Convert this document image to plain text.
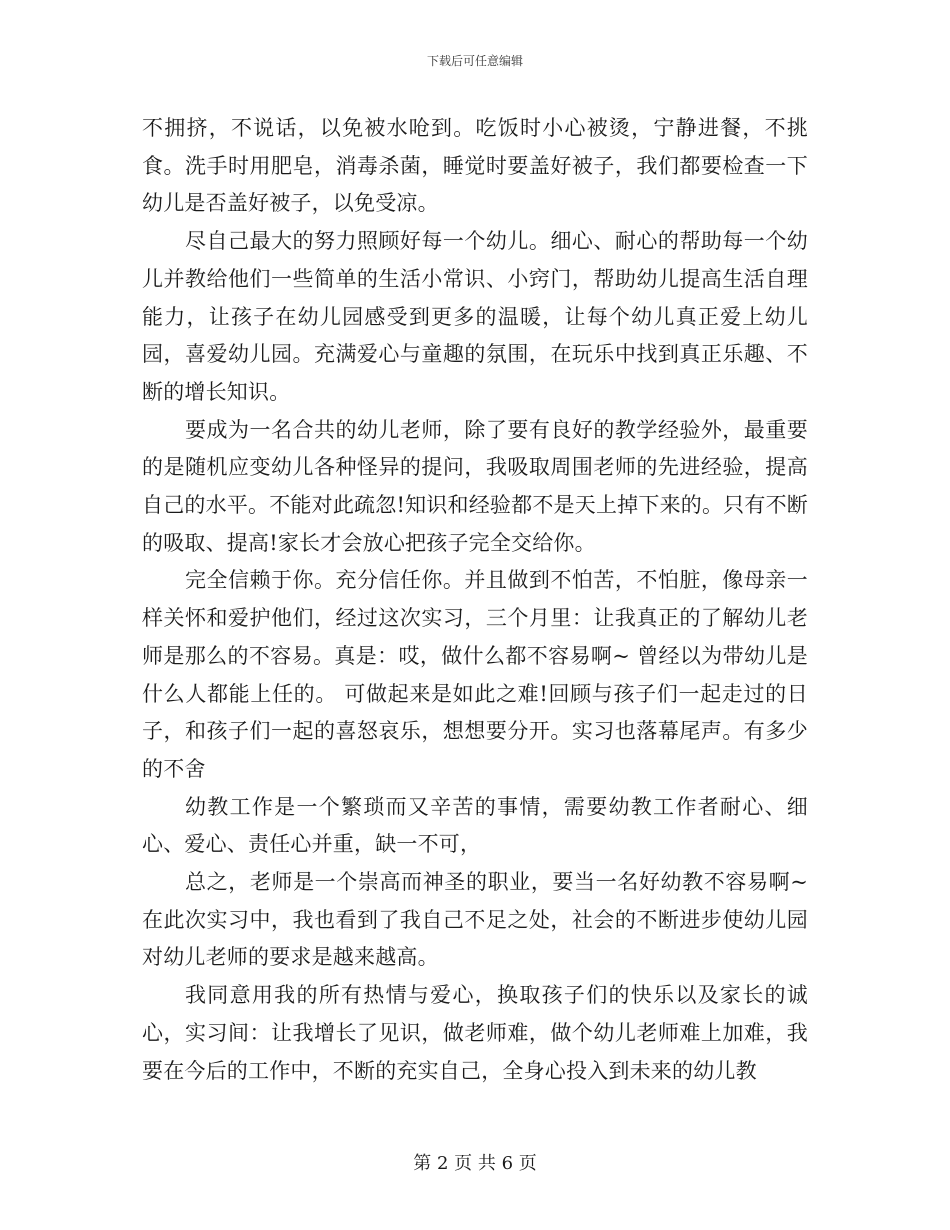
下载后可任意编辑

不拥挤，不说话，以免被水呛到。吃饭时小心被烫，宁静进餐，不挑食。洗手时用肥皂，消毒杀菌，睡觉时要盖好被子，我们都要检查一下幼儿是否盖好被子，以免受凉。

尽自己最大的努力照顾好每一个幼儿。细心、耐心的帮助每一个幼儿并教给他们一些简单的生活小常识、小窍门，帮助幼儿提高生活自理能力，让孩子在幼儿园感受到更多的温暖，让每个幼儿真正爱上幼儿园，喜爱幼儿园。充满爱心与童趣的氛围，在玩乐中找到真正乐趣、不断的增长知识。

要成为一名合共的幼儿老师，除了要有良好的教学经验外，最重要的是随机应变幼儿各种怪异的提问，我吸取周围老师的先进经验，提高自己的水平。不能对此疏忽!知识和经验都不是天上掉下来的。只有不断的吸取、提高!家长才会放心把孩子完全交给你。

完全信赖于你。充分信任你。并且做到不怕苦，不怕脏，像母亲一样关怀和爱护他们，经过这次实习，三个月里：让我真正的了解幼儿老师是那么的不容易。真是：哎，做什么都不容易啊~ 曾经以为带幼儿是什么人都能上任的。 可做起来是如此之难!回顾与孩子们一起走过的日子，和孩子们一起的喜怒哀乐，想想要分开。实习也落幕尾声。有多少的不舍

幼教工作是一个繁琐而又辛苦的事情，需要幼教工作者耐心、细心、爱心、责任心并重，缺一不可，

总之，老师是一个崇高而神圣的职业，要当一名好幼教不容易啊~在此次实习中，我也看到了我自己不足之处，社会的不断进步使幼儿园对幼儿老师的要求是越来越高。

我同意用我的所有热情与爱心，换取孩子们的快乐以及家长的诚心，实习间：让我增长了见识，做老师难，做个幼儿老师难上加难，我要在今后的工作中，不断的充实自己，全身心投入到未来的幼儿教

第 2 页 共 6 页
